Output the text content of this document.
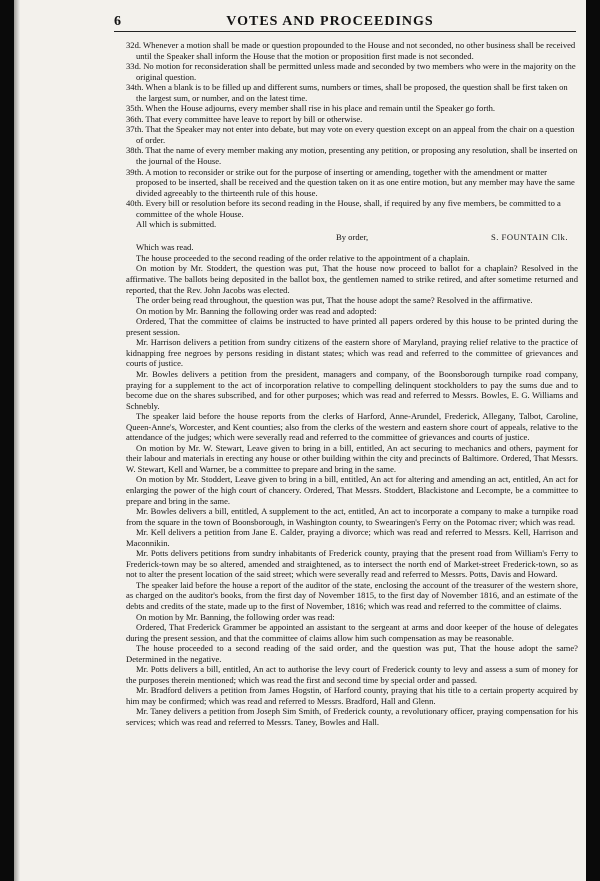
6	VOTES AND PROCEEDINGS
32d. Whenever a motion shall be made or question propounded to the House and not seconded, no other business shall be received until the Speaker shall inform the House that the motion or proposition first made is not seconded.
33d. No motion for reconsideration shall be permitted unless made and seconded by two members who were in the majority on the original question.
34th. When a blank is to be filled up and different sums, numbers or times, shall be proposed, the question shall be first taken on the largest sum, or number, and on the latest time.
35th. When the House adjourns, every member shall rise in his place and remain until the Speaker go forth.
36th. That every committee have leave to report by bill or otherwise.
37th. That the Speaker may not enter into debate, but may vote on every question except on an appeal from the chair on a question of order.
38th. That the name of every member making any motion, presenting any petition, or proposing any resolution, shall be inserted on the journal of the House.
39th. A motion to reconsider or strike out for the purpose of inserting or amending, together with the amendment or matter proposed to be inserted, shall be received and the question taken on it as one entire motion, but any member may have the same divided agreeably to the thirteenth rule of this house.
40th. Every bill or resolution before its second reading in the House, shall, if required by any five members, be committed to a committee of the whole House.
All which is submitted.
By order,	S. FOUNTAIN Clk.
Which was read.
The house proceeded to the second reading of the order relative to the appointment of a chaplain.
On motion by Mr. Stoddert, the question was put, That the house now proceed to ballot for a chaplain? Resolved in the affirmative. The ballots being deposited in the ballot box, the gentlemen named to strike retired, and after sometime returned and reported, that the Rev. John Jacobs was elected.
The order being read throughout, the question was put, That the house adopt the same? Resolved in the affirmative.
On motion by Mr. Banning the following order was read and adopted:
Ordered, That the committee of claims be instructed to have printed all papers ordered by this house to be printed during the present session.
Mr. Harrison delivers a petition from sundry citizens of the eastern shore of Maryland, praying relief relative to the practice of kidnapping free negroes by persons residing in distant states; which was read and referred to the committee of grievances and courts of justice.
Mr. Bowles delivers a petition from the president, managers and company, of the Boonsborough turnpike road company, praying for a supplement to the act of incorporation relative to compelling delinquent stockholders to pay the sums due and to become due on the shares subscribed, and for other purposes; which was read and referred to Messrs. Bowles, E. G. Williams and Schnebly.
The speaker laid before the house reports from the clerks of Harford, Anne-Arundel, Frederick, Allegany, Talbot, Caroline, Queen-Anne's, Worcester, and Kent counties; also from the clerks of the western and eastern shore court of appeals, relative to the attendance of the judges; which were severally read and referred to the committee of grievances and courts of justice.
On motion by Mr. W. Stewart, Leave given to bring in a bill, entitled, An act securing to mechanics and others, payment for their labour and materials in erecting any house or other building within the city and precincts of Baltimore. Ordered, That Messrs. W. Stewart, Kell and Warner, be a committee to prepare and bring in the same.
On motion by Mr. Stoddert, Leave given to bring in a bill, entitled, An act for altering and amending an act, entitled, An act for enlarging the power of the high court of chancery. Ordered, That Messrs. Stoddert, Blackistone and Lecompte, be a committee to prepare and bring in the same.
Mr. Bowles delivers a bill, entitled, A supplement to the act, entitled, An act to incorporate a company to make a turnpike road from the square in the town of Boonsborough, in Washington county, to Swearingen's Ferry on the Potomac river; which was read.
Mr. Kell delivers a petition from Jane E. Calder, praying a divorce; which was read and referred to Messrs. Kell, Harrison and Maconnikin.
Mr. Potts delivers petitions from sundry inhabitants of Frederick county, praying that the present road from William's Ferry to Frederick-town may be so altered, amended and straightened, as to intersect the north end of Market-street Frederick-town, so as not to alter the present location of the said street; which were severally read and referred to Messrs. Potts, Davis and Howard.
The speaker laid before the house a report of the auditor of the state, enclosing the account of the treasurer of the western shore, as charged on the auditor's books, from the first day of November 1815, to the first day of November 1816, and an estimate of the debts and credits of the state, made up to the first of November, 1816; which was read and referred to the committee of claims.
On motion by Mr. Banning, the following order was read:
Ordered, That Frederick Grammer be appointed an assistant to the sergeant at arms and door keeper of the house of delegates during the present session, and that the committee of claims allow him such compensation as may be reasonable.
The house proceeded to a second reading of the said order, and the question was put, That the house adopt the same? Determined in the negative.
Mr. Potts delivers a bill, entitled, An act to authorise the levy court of Frederick county to levy and assess a sum of money for the purposes therein mentioned; which was read the first and second time by special order and passed.
Mr. Bradford delivers a petition from James Hogstin, of Harford county, praying that his title to a certain property acquired by him may be confirmed; which was read and referred to Messrs. Bradford, Hall and Glenn.
Mr. Taney delivers a petition from Joseph Sim Smith, of Frederick county, a revolutionary officer, praying compensation for his services; which was read and referred to Messrs. Taney, Bowles and Hall.
